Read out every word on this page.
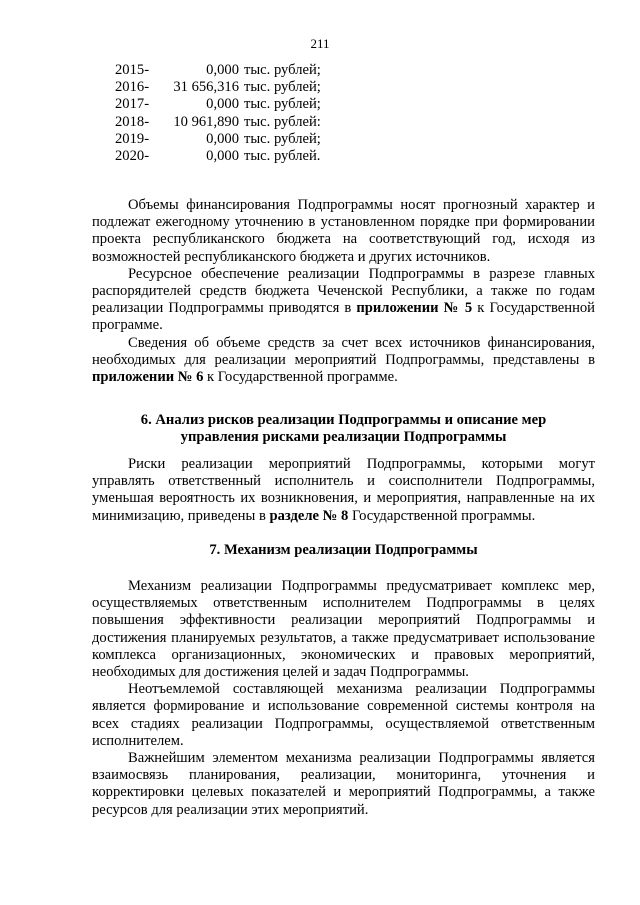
211
2015-	0,000 тыс. рублей;
2016-	31 656,316 тыс. рублей;
2017-	0,000 тыс. рублей;
2018-	10 961,890 тыс. рублей:
2019-	0,000 тыс. рублей;
2020-	0,000 тыс. рублей.

Объемы финансирования Подпрограммы носят прогнозный характер и подлежат ежегодному уточнению в установленном порядке при формировании проекта республиканского бюджета на соответствующий год, исходя из возможностей республиканского бюджета и других источников.

Ресурсное обеспечение реализации Подпрограммы в разрезе главных распорядителей средств бюджета Чеченской Республики, а также по годам реализации Подпрограммы приводятся в приложении № 5 к Государственной программе.

Сведения об объеме средств за счет всех источников финансирования, необходимых для реализации мероприятий Подпрограммы, представлены в приложении № 6 к Государственной программе.

6. Анализ рисков реализации Подпрограммы и описание мер
управления рисками реализации Подпрограммы

Риски реализации мероприятий Подпрограммы, которыми могут управлять ответственный исполнитель и соисполнители Подпрограммы, уменьшая вероятность их возникновения, и мероприятия, направленные на их минимизацию, приведены в разделе № 8 Государственной программы.

7. Механизм реализации Подпрограммы

Механизм реализации Подпрограммы предусматривает комплекс мер, осуществляемых ответственным исполнителем Подпрограммы в целях повышения эффективности реализации мероприятий Подпрограммы и достижения планируемых результатов, а также предусматривает использование комплекса организационных, экономических и правовых мероприятий, необходимых для достижения целей и задач Подпрограммы.

Неотъемлемой составляющей механизма реализации Подпрограммы является формирование и использование современной системы контроля на всех стадиях реализации Подпрограммы, осуществляемой ответственным исполнителем.

Важнейшим элементом механизма реализации Подпрограммы является взаимосвязь планирования, реализации, мониторинга, уточнения и корректировки целевых показателей и мероприятий Подпрограммы, а также ресурсов для реализации этих мероприятий.
